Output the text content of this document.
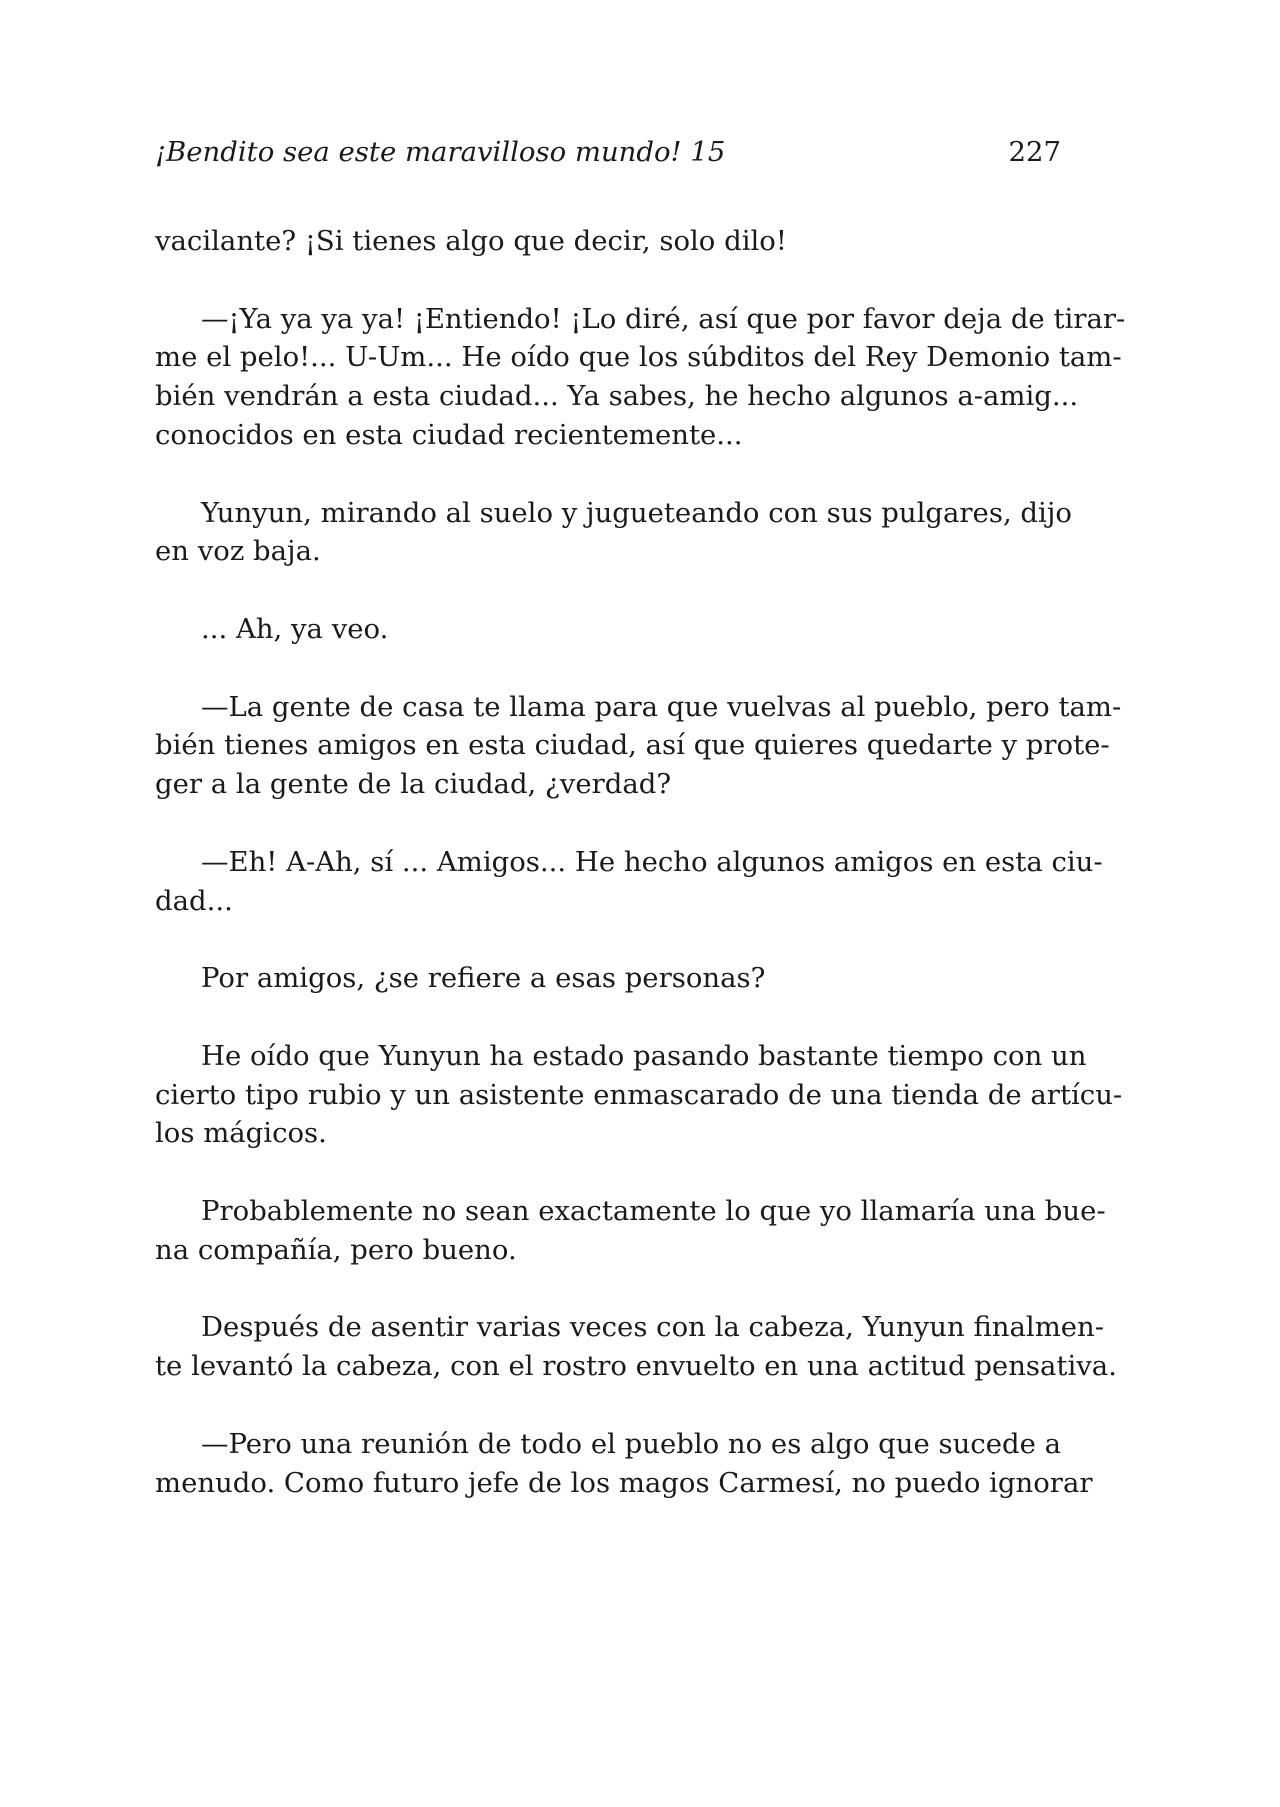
¡Bendito sea este maravilloso mundo! 15	227
vacilante? ¡Si tienes algo que decir, solo dilo!
—¡Ya ya ya ya! ¡Entiendo! ¡Lo diré, así que por favor deja de tirar-
me el pelo!... U-Um... He oído que los súbditos del Rey Demonio tam-
bién vendrán a esta ciudad... Ya sabes, he hecho algunos a-amig...
conocidos en esta ciudad recientemente...
Yunyun, mirando al suelo y jugueteando con sus pulgares, dijo
en voz baja.
... Ah, ya veo.
—La gente de casa te llama para que vuelvas al pueblo, pero tam-
bién tienes amigos en esta ciudad, así que quieres quedarte y prote-
ger a la gente de la ciudad, ¿verdad?
—Eh! A-Ah, sí ... Amigos... He hecho algunos amigos en esta ciu-
dad...
Por amigos, ¿se refiere a esas personas?
He oído que Yunyun ha estado pasando bastante tiempo con un
cierto tipo rubio y un asistente enmascarado de una tienda de artícu-
los mágicos.
Probablemente no sean exactamente lo que yo llamaría una bue-
na compañía, pero bueno.
Después de asentir varias veces con la cabeza, Yunyun finalmen-
te levantó la cabeza, con el rostro envuelto en una actitud pensativa.
—Pero una reunión de todo el pueblo no es algo que sucede a
menudo. Como futuro jefe de los magos Carmesí, no puedo ignorar
